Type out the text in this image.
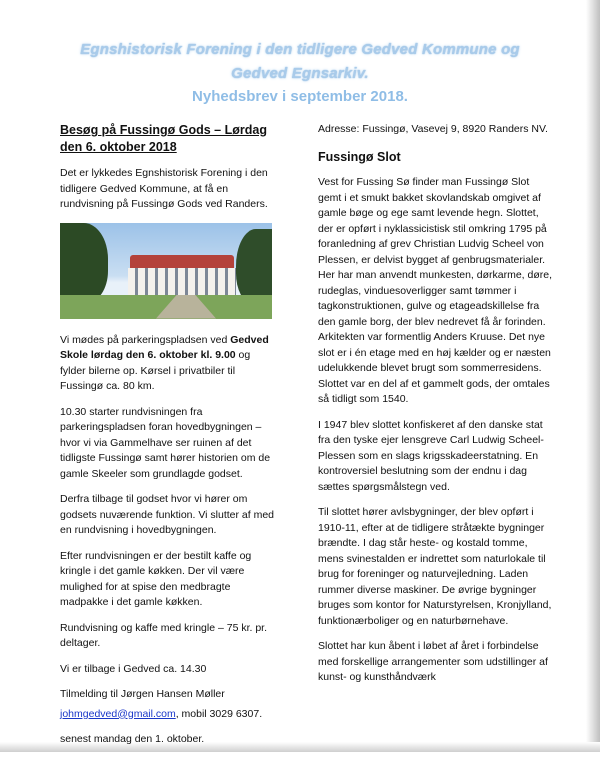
Egnshistorisk Forening i den tidligere Gedved Kommune og
Gedved Egnsarkiv.
Nyhedsbrev i september 2018.
Besøg på Fussingø Gods – Lørdag den 6. oktober 2018

Det er lykkedes Egnshistorisk Forening i den tidligere Gedved Kommune, at få en rundvisning på Fussingø Gods ved Randers.

Vi mødes på parkeringspladsen ved Gedved Skole lørdag den 6. oktober kl. 9.00 og fylder bilerne op. Kørsel i privatbiler til Fussingø ca. 80 km.

10.30 starter rundvisningen fra parkeringspladsen foran hovedbygningen – hvor vi via Gammelhave ser ruinen af det tidligste Fussingø samt hører historien om de gamle Skeeler som grundlagde godset.

Derfra tilbage til godset hvor vi hører om godsets nuværende funktion. Vi slutter af med en rundvisning i hovedbygningen.

Efter rundvisningen er der bestilt kaffe og kringle i det gamle køkken. Der vil være mulighed for at spise den medbragte madpakke i det gamle køkken.

Rundvisning og kaffe med kringle – 75 kr. pr. deltager.

Vi er tilbage i Gedved ca. 14.30

Tilmelding til Jørgen Hansen Møller

johmgedved@gmail.com, mobil 3029 6307.

senest mandag den 1. oktober.

Adresse: Fussingø, Vasevej 9, 8920 Randers NV.

Fussingø Slot

Vest for Fussing Sø finder man Fussingø Slot gemt i et smukt bakket skovlandskab omgivet af gamle bøge og ege samt levende hegn. Slottet, der er opført i nyklassicistisk stil omkring 1795 på foranledning af grev Christian Ludvig Scheel von Plessen, er delvist bygget af genbrugsmaterialer. Her har man anvendt munkesten, dørkarme, døre, rudeglas, vinduesoverligger samt tømmer i tagkonstruktionen, gulve og etageadskillelse fra den gamle borg, der blev nedrevet få år forinden. Arkitekten var formentlig Anders Kruuse. Det nye slot er i én etage med en høj kælder og er næsten udelukkende blevet brugt som sommerresidens. Slottet var en del af et gammelt gods, der omtales så tidligt som 1540.

I 1947 blev slottet konfiskeret af den danske stat fra den tyske ejer lensgreve Carl Ludwig Scheel-Plessen som en slags krigsskadeerstatning. En kontroversiel beslutning som der endnu i dag sættes spørgsmålstegn ved.

Til slottet hører avlsbygninger, der blev opført i 1910-11, efter at de tidligere stråtækte bygninger brændte. I dag står heste- og kostald tomme, mens svinestalden er indrettet som naturlokale til brug for foreninger og naturvejledning. Laden rummer diverse maskiner. De øvrige bygninger bruges som kontor for Naturstyrelsen, Kronjylland, funktionærboliger og en naturbørnehave.

Slottet har kun åbent i løbet af året i forbindelse med forskellige arrangementer som udstillinger af kunst- og kunsthåndværk
